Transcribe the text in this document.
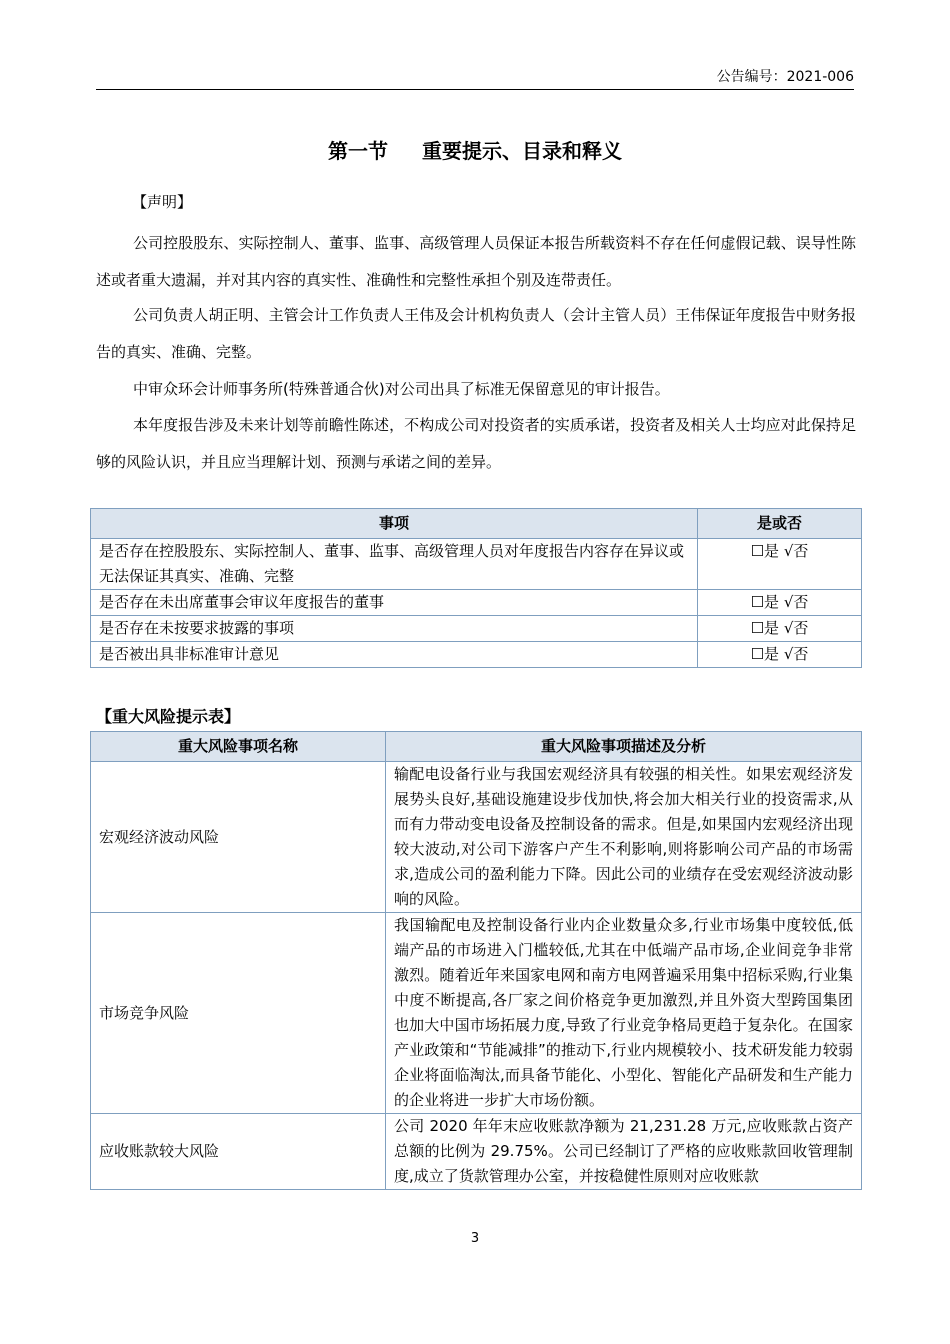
公告编号：2021-006
第一节 重要提示、目录和释义
【声明】
公司控股股东、实际控制人、董事、监事、高级管理人员保证本报告所载资料不存在任何虚假记载、误导性陈述或者重大遗漏，并对其内容的真实性、准确性和完整性承担个别及连带责任。
公司负责人胡正明、主管会计工作负责人王伟及会计机构负责人（会计主管人员）王伟保证年度报告中财务报告的真实、准确、完整。
中审众环会计师事务所(特殊普通合伙)对公司出具了标准无保留意见的审计报告。
本年度报告涉及未来计划等前瞻性陈述，不构成公司对投资者的实质承诺，投资者及相关人士均应对此保持足够的风险认识，并且应当理解计划、预测与承诺之间的差异。
事项	是或否
是否存在控股股东、实际控制人、董事、监事、高级管理人员对年度报告内容存在异议或无法保证其真实、准确、完整	☐是 √否
是否存在未出席董事会审议年度报告的董事	☐是 √否
是否存在未按要求披露的事项	☐是 √否
是否被出具非标准审计意见	☐是 √否
【重大风险提示表】
重大风险事项名称	重大风险事项描述及分析
宏观经济波动风险	输配电设备行业与我国宏观经济具有较强的相关性。如果宏观经济发展势头良好,基础设施建设步伐加快,将会加大相关行业的投资需求,从而有力带动变电设备及控制设备的需求。但是,如果国内宏观经济出现较大波动,对公司下游客户产生不利影响,则将影响公司产品的市场需求,造成公司的盈利能力下降。因此公司的业绩存在受宏观经济波动影响的风险。
市场竞争风险	我国输配电及控制设备行业内企业数量众多,行业市场集中度较低,低端产品的市场进入门槛较低,尤其在中低端产品市场,企业间竞争非常激烈。随着近年来国家电网和南方电网普遍采用集中招标采购,行业集中度不断提高,各厂家之间价格竞争更加激烈,并且外资大型跨国集团也加大中国市场拓展力度,导致了行业竞争格局更趋于复杂化。在国家产业政策和“节能减排”的推动下,行业内规模较小、技术研发能力较弱企业将面临淘汰,而具备节能化、小型化、智能化产品研发和生产能力的企业将进一步扩大市场份额。
应收账款较大风险	公司 2020 年年末应收账款净额为 21,231.28 万元,应收账款占资产总额的比例为 29.75%。公司已经制订了严格的应收账款回收管理制度,成立了货款管理办公室，并按稳健性原则对应收账款
3
